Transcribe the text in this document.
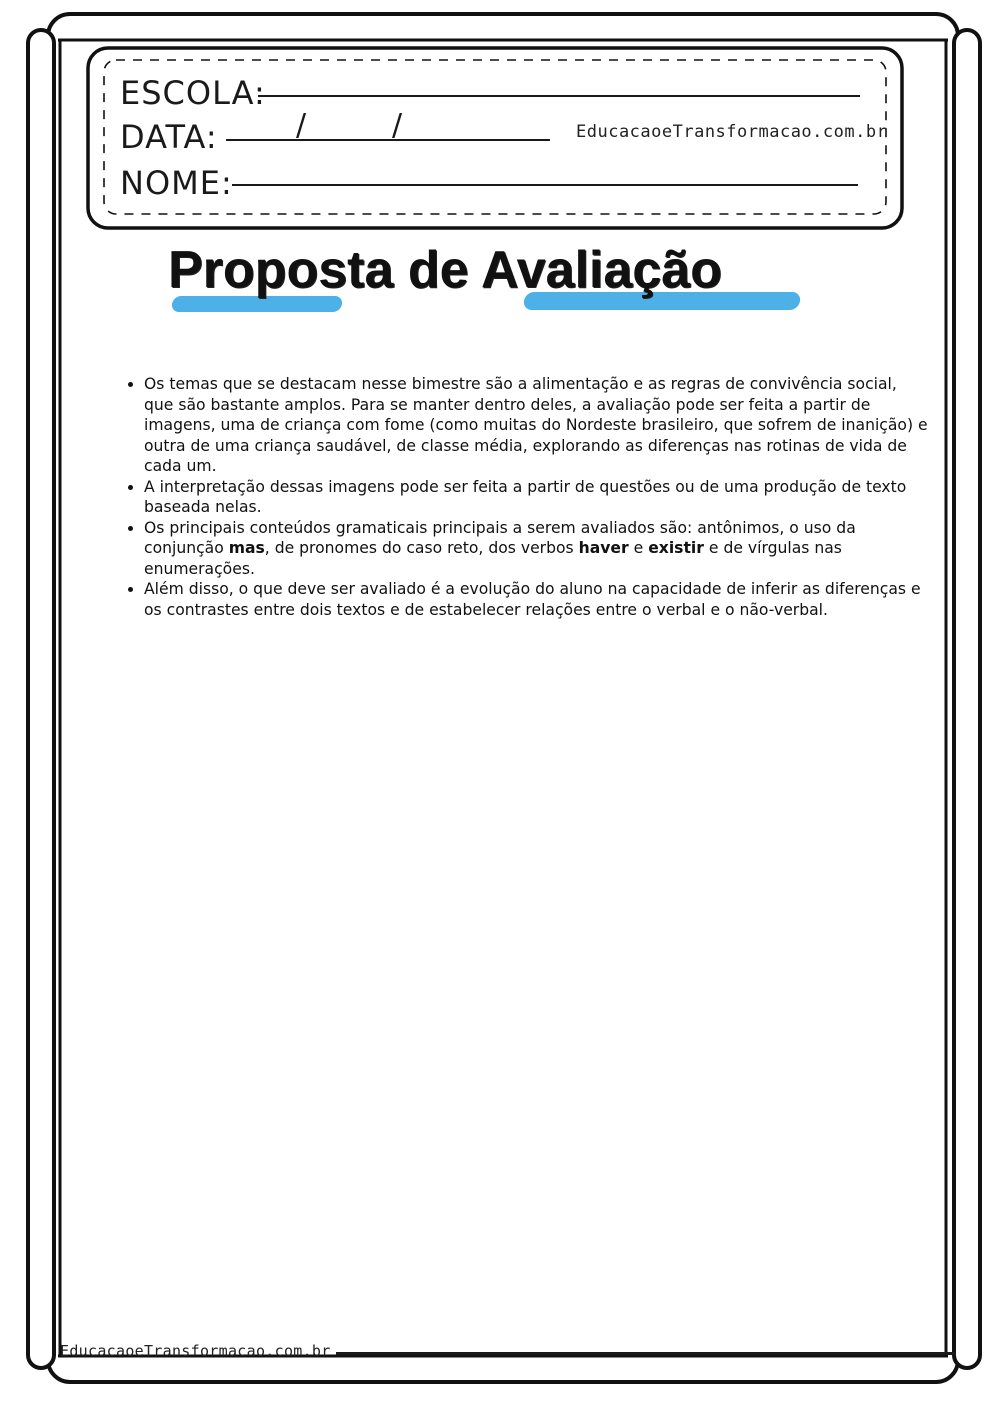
ESCOLA:
DATA:	/	/	EducacaoeTransformacao.com.br
NOME:
Proposta de Avaliação
• Os temas que se destacam nesse bimestre são a alimentação e as regras de convivência social, que são bastante amplos. Para se manter dentro deles, a avaliação pode ser feita a partir de imagens, uma de criança com fome (como muitas do Nordeste brasileiro, que sofrem de inanição) e outra de uma criança saudável, de classe média, explorando as diferenças nas rotinas de vida de cada um.
• A interpretação dessas imagens pode ser feita a partir de questões ou de uma produção de texto baseada nelas.
• Os principais conteúdos gramaticais principais a serem avaliados são: antônimos, o uso da conjunção mas, de pronomes do caso reto, dos verbos haver e existir e de vírgulas nas enumerações.
• Além disso, o que deve ser avaliado é a evolução do aluno na capacidade de inferir as diferenças e os contrastes entre dois textos e de estabelecer relações entre o verbal e o não-verbal.
EducacaoeTransformacao.com.br
